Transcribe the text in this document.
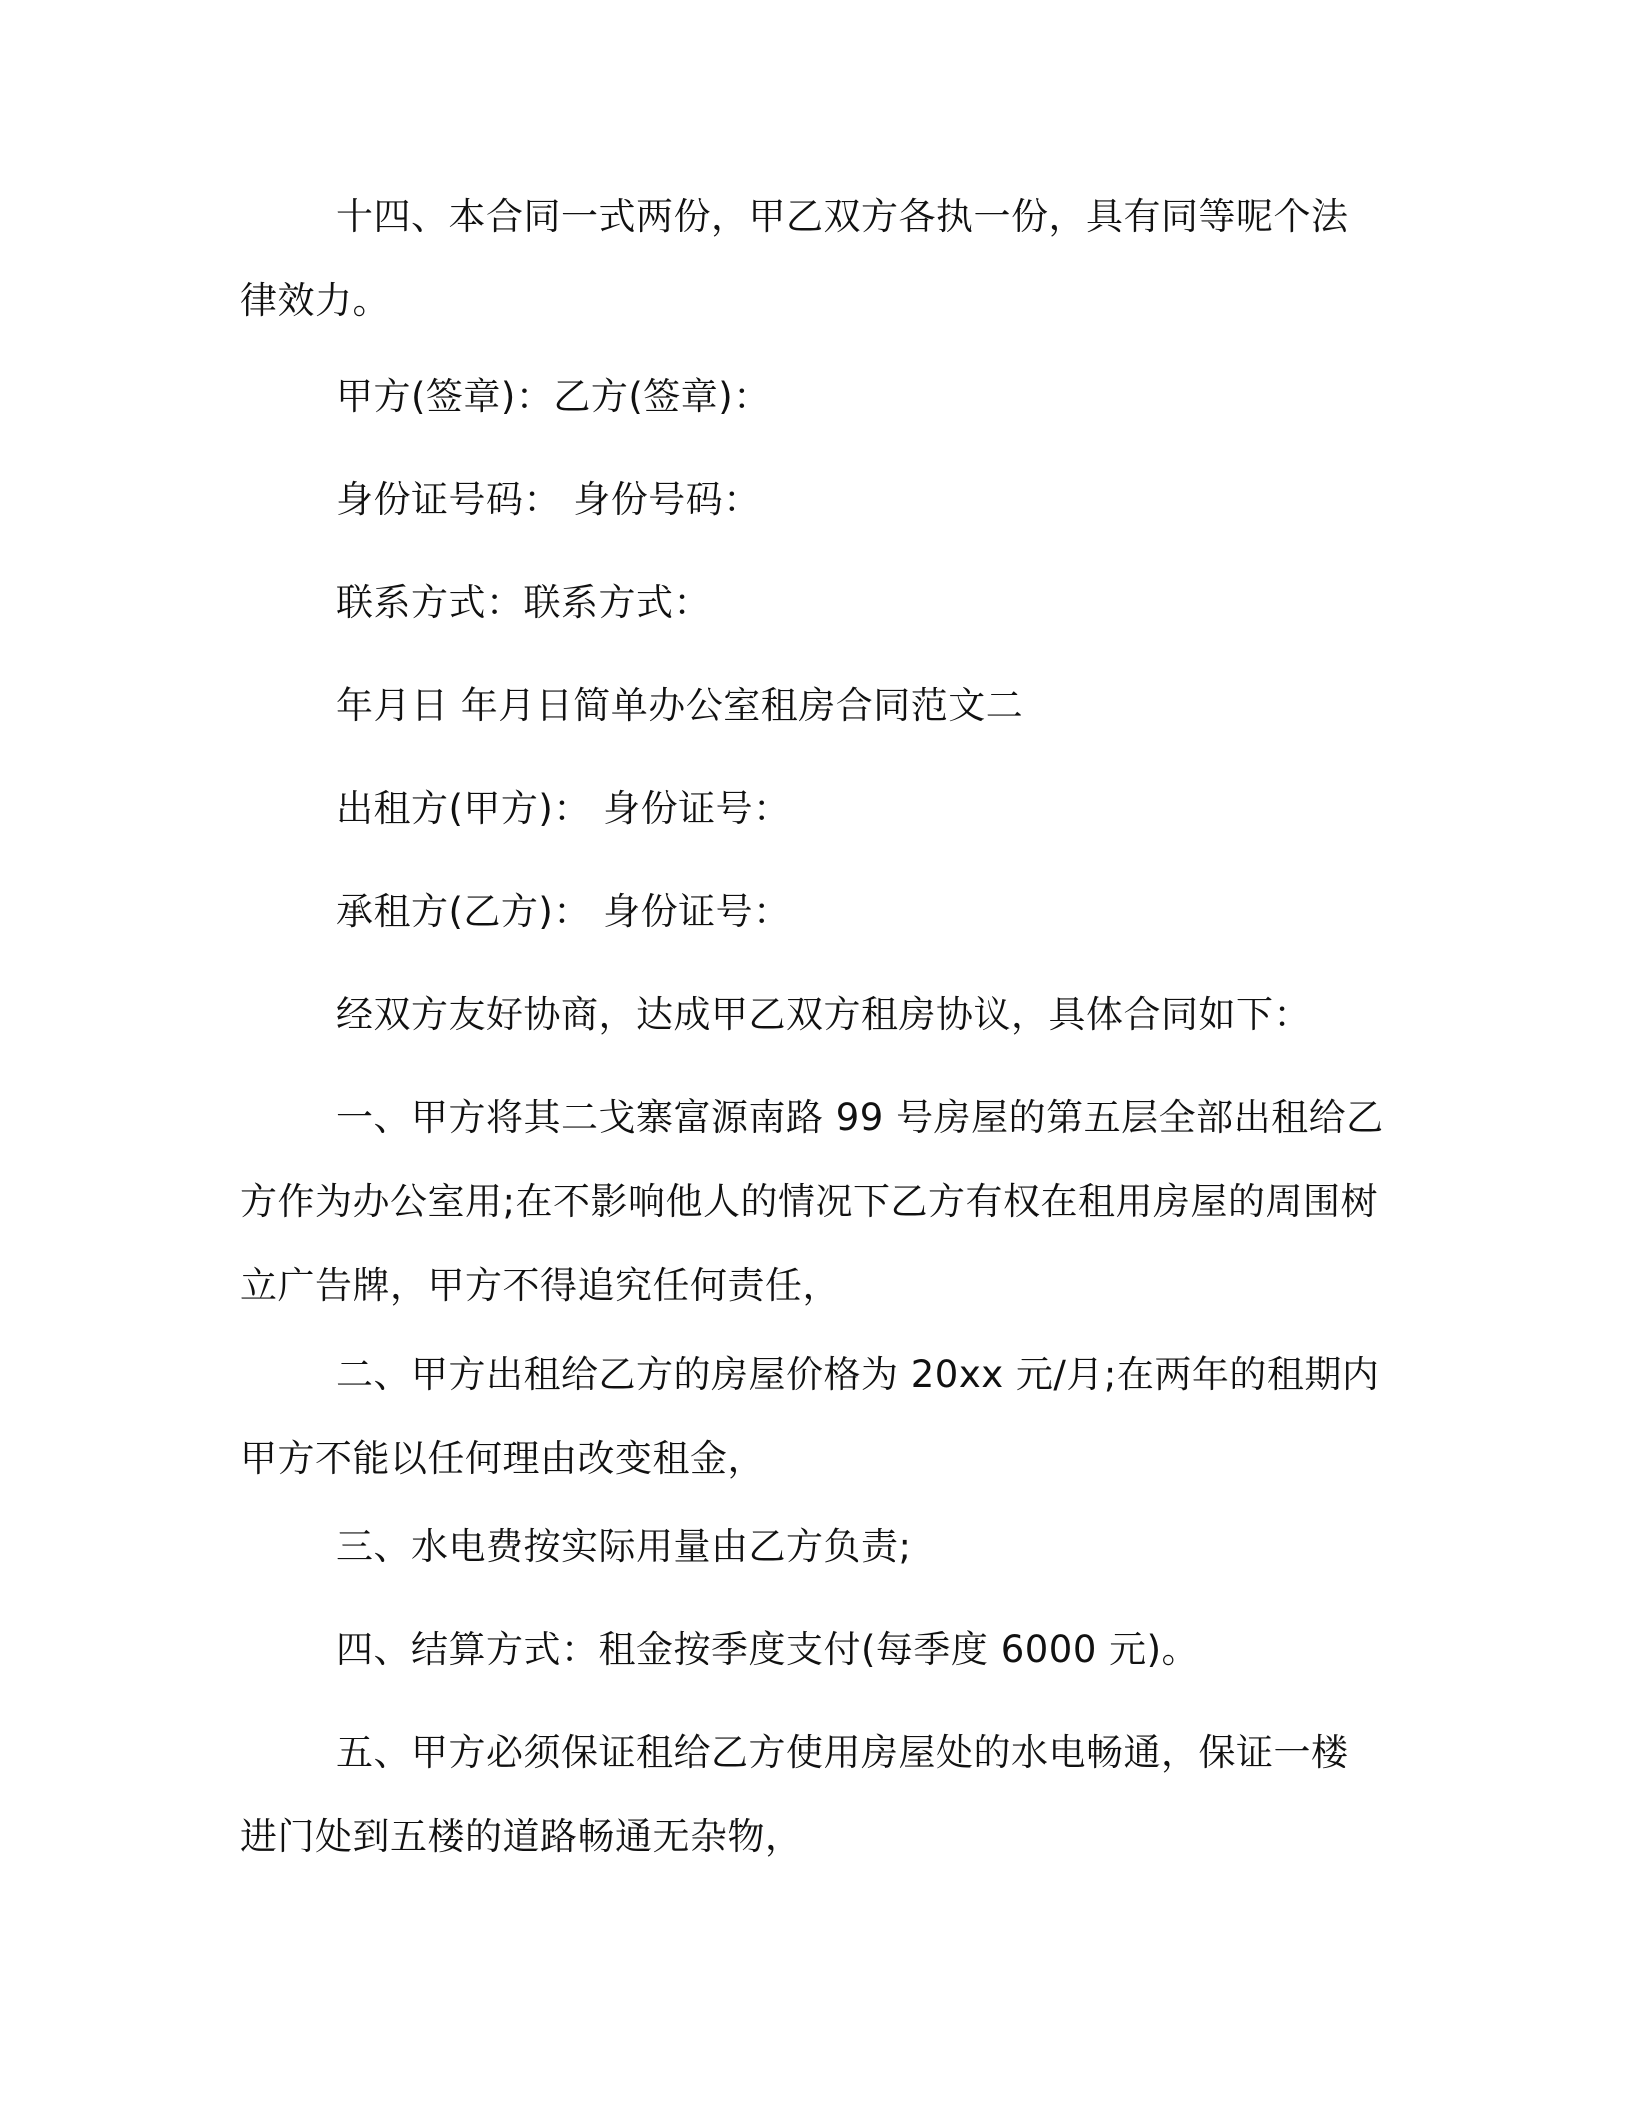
十四、本合同一式两份，甲乙双方各执一份，具有同等呢个法律效力。

甲方(签章)：乙方(签章)：

身份证号码： 身份号码：

联系方式：联系方式：

年月日 年月日简单办公室租房合同范文二

出租方(甲方)： 身份证号：

承租方(乙方)： 身份证号：

经双方友好协商，达成甲乙双方租房协议，具体合同如下：

一、甲方将其二戈寨富源南路 99 号房屋的第五层全部出租给乙方作为办公室用;在不影响他人的情况下乙方有权在租用房屋的周围树立广告牌，甲方不得追究任何责任，

二、甲方出租给乙方的房屋价格为 20xx 元/月;在两年的租期内甲方不能以任何理由改变租金，

三、水电费按实际用量由乙方负责;

四、结算方式：租金按季度支付(每季度 6000 元)。

五、甲方必须保证租给乙方使用房屋处的水电畅通，保证一楼进门处到五楼的道路畅通无杂物，
